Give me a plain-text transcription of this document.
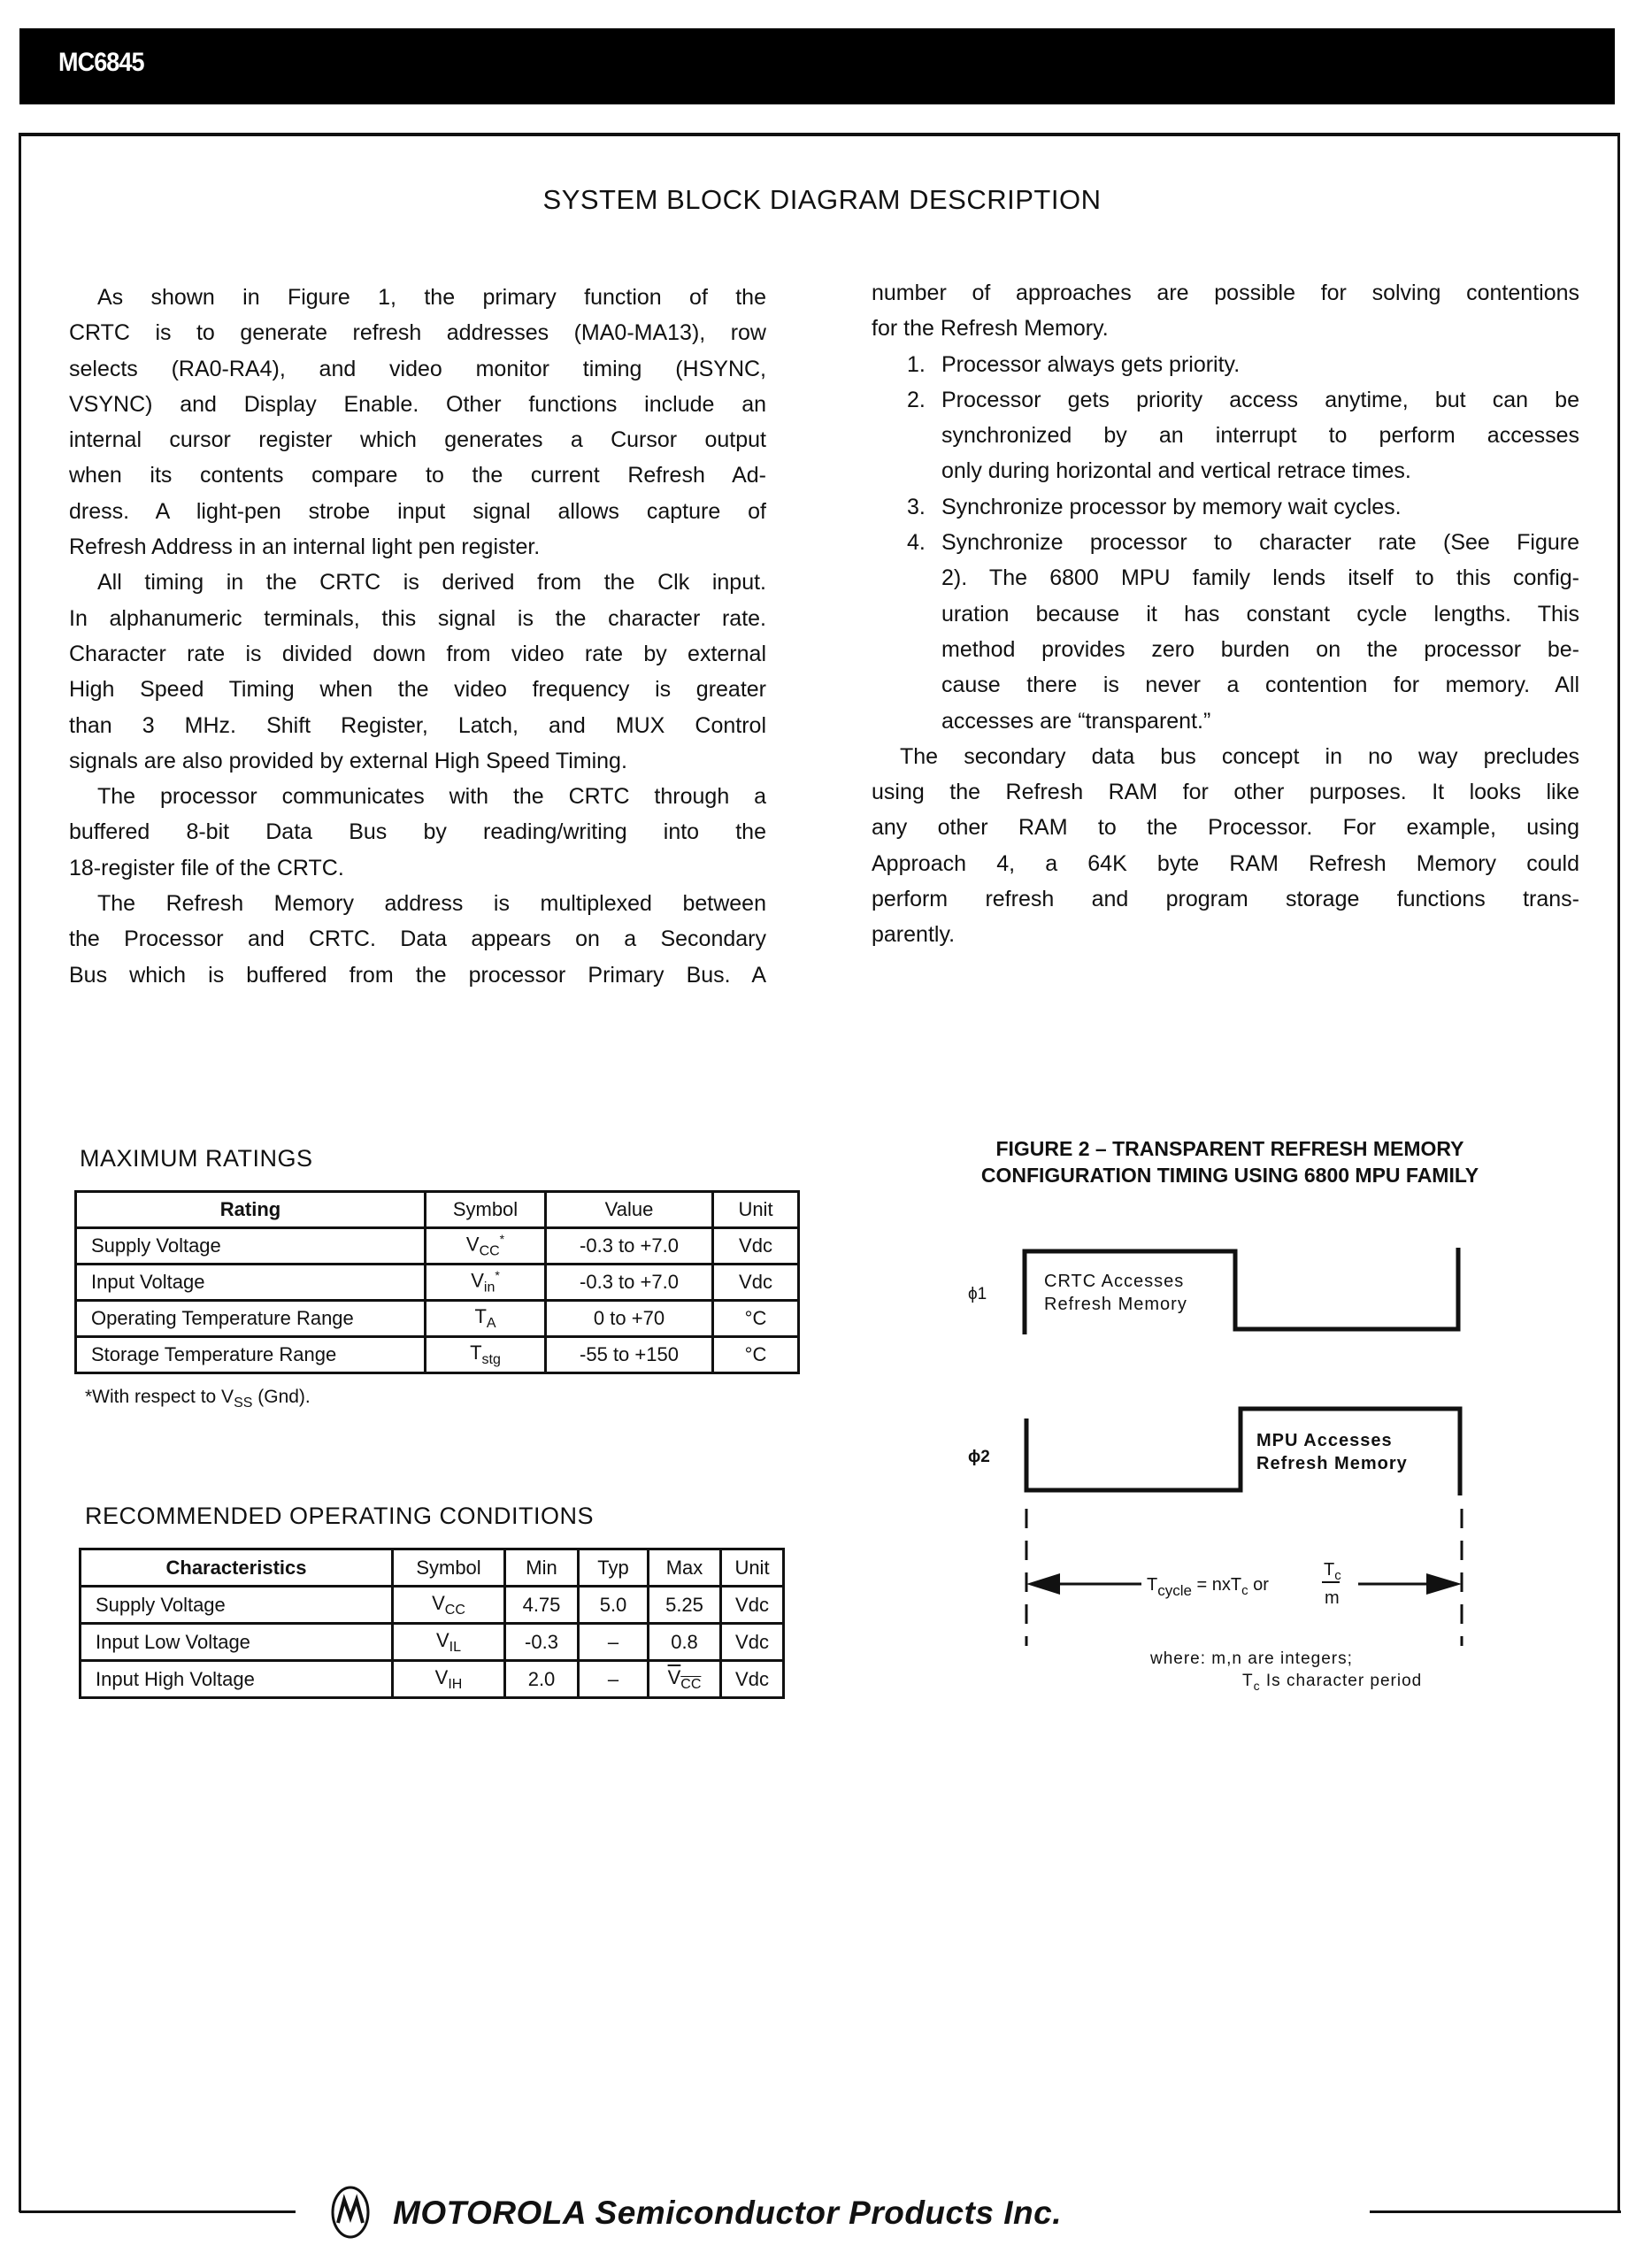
MC6845
SYSTEM BLOCK DIAGRAM DESCRIPTION
As shown in Figure 1, the primary function of the
CRTC is to generate refresh addresses (MA0-MA13), row
selects (RA0-RA4), and video monitor timing (HSYNC,
VSYNC) and Display Enable. Other functions include an
internal cursor register which generates a Cursor output
when its contents compare to the current Refresh Ad-
dress. A light-pen strobe input signal allows capture of
Refresh Address in an internal light pen register.
All timing in the CRTC is derived from the Clk input.
In alphanumeric terminals, this signal is the character rate.
Character rate is divided down from video rate by external
High Speed Timing when the video frequency is greater
than 3 MHz. Shift Register, Latch, and MUX Control
signals are also provided by external High Speed Timing.
The processor communicates with the CRTC through a
buffered 8-bit Data Bus by reading/writing into the
18-register file of the CRTC.
The Refresh Memory address is multiplexed between
the Processor and CRTC. Data appears on a Secondary
Bus which is buffered from the processor Primary Bus. A
number of approaches are possible for solving contentions
for the Refresh Memory.
1. Processor always gets priority.
2. Processor gets priority access anytime, but can be
synchronized by an interrupt to perform accesses
only during horizontal and vertical retrace times.
3. Synchronize processor by memory wait cycles.
4. Synchronize processor to character rate (See Figure
2). The 6800 MPU family lends itself to this config-
uration because it has constant cycle lengths. This
method provides zero burden on the processor be-
cause there is never a contention for memory. All
accesses are “transparent.”
The secondary data bus concept in no way precludes
using the Refresh RAM for other purposes. It looks like
any other RAM to the Processor. For example, using
Approach 4, a 64K byte RAM Refresh Memory could
perform refresh and program storage functions trans-
parently.
MAXIMUM RATINGS
Rating	Symbol	Value	Unit
Supply Voltage	$V_{CC}^*$	-0.3 to +7.0	Vdc
Input Voltage	$V_{in}^*$	-0.3 to +7.0	Vdc
Operating Temperature Range	$T_A$	0 to +70	°C
Storage Temperature Range	$T_{stg}$	-55 to +150	°C
*With respect to $V_{SS}$ (Gnd).
RECOMMENDED OPERATING CONDITIONS
Characteristics	Symbol	Min	Typ	Max	Unit
Supply Voltage	$V_{CC}$	4.75	5.0	5.25	Vdc
Input Low Voltage	$V_{IL}$	-0.3	–	0.8	Vdc
Input High Voltage	$V_{IH}$	2.0	–	$\overline{V}_{\overline{CC}}$	Vdc
FIGURE 2 – TRANSPARENT REFRESH MEMORY
CONFIGURATION TIMING USING 6800 MPU FAMILY
ϕ1
ϕ2
CRTC Accesses
Refresh Memory
MPU Accesses
Refresh Memory
$T_{cycle} = nxT_c$ or
$T_c$
m
where: m,n are integers;
$T_c$ Is character period
MOTOROLA Semiconductor Products Inc.
